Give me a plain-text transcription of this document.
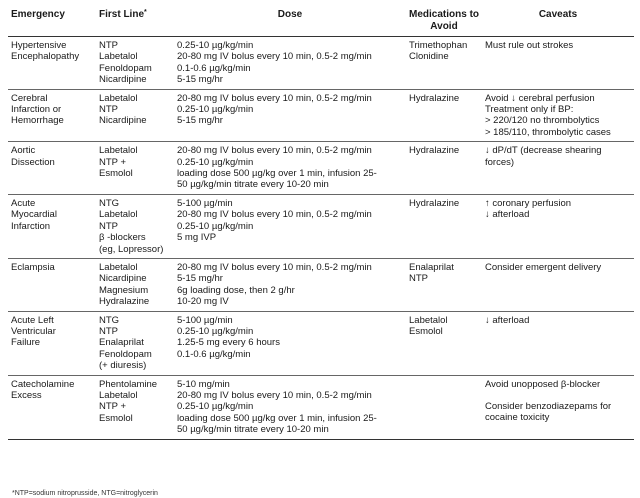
Emergency	First Line*	Dose	Medications to Avoid	Caveats

Hypertensive
Encephalopathy	NTP
Labetalol
Fenoldopam
Nicardipine	0.25-10 µg/kg/min
20-80 mg IV bolus every 10 min, 0.5-2 mg/min
0.1-0.6 µg/kg/min
5-15 mg/hr	Trimethophan
Clonidine	Must rule out strokes

Cerebral
Infarction or
Hemorrhage	Labetalol
NTP
Nicardipine	20-80 mg IV bolus every 10 min, 0.5-2 mg/min
0.25-10 µg/kg/min
5-15 mg/hr	Hydralazine	Avoid ↓ cerebral perfusion
Treatment only if BP:
> 220/120 no thrombolytics
> 185/110, thrombolytic cases

Aortic
Dissection	Labetalol
NTP +
Esmolol	20-80 mg IV bolus every 10 min, 0.5-2 mg/min
0.25-10 µg/kg/min
loading dose 500 µg/kg over 1 min, infusion 25-
50 µg/kg/min titrate every 10-20 min	Hydralazine	↓ dP/dT (decrease shearing
forces)

Acute
Myocardial
Infarction	NTG
Labetalol
NTP
β -blockers
(eg, Lopressor)	5-100 µg/min
20-80 mg IV bolus every 10 min, 0.5-2 mg/min
0.25-10 µg/kg/min
5 mg IVP	Hydralazine	↑ coronary perfusion
↓ afterload

Eclampsia	Labetalol
Nicardipine
Magnesium
Hydralazine	20-80 mg IV bolus every 10 min, 0.5-2 mg/min
5-15 mg/hr
6g loading dose, then 2 g/hr
10-20 mg IV	Enalaprilat
NTP	Consider emergent delivery

Acute Left
Ventricular
Failure	NTG
NTP
Enalaprilat
Fenoldopam
(+ diuresis)	5-100 µg/min
0.25-10 µg/kg/min
1.25-5 mg every 6 hours
0.1-0.6 µg/kg/min	Labetalol
Esmolol	↓ afterload

Catecholamine
Excess	Phentolamine
Labetalol
NTP +
Esmolol	5-10 mg/min
20-80 mg IV bolus every 10 min, 0.5-2 mg/min
0.25-10 µg/kg/min
loading dose 500 µg/kg over 1 min, infusion 25-
50 µg/kg/min titrate every 10-20 min		Avoid unopposed β-blocker
Consider benzodiazepams for
cocaine toxicity
*NTP=sodium nitroprusside, NTG=nitroglycerin
